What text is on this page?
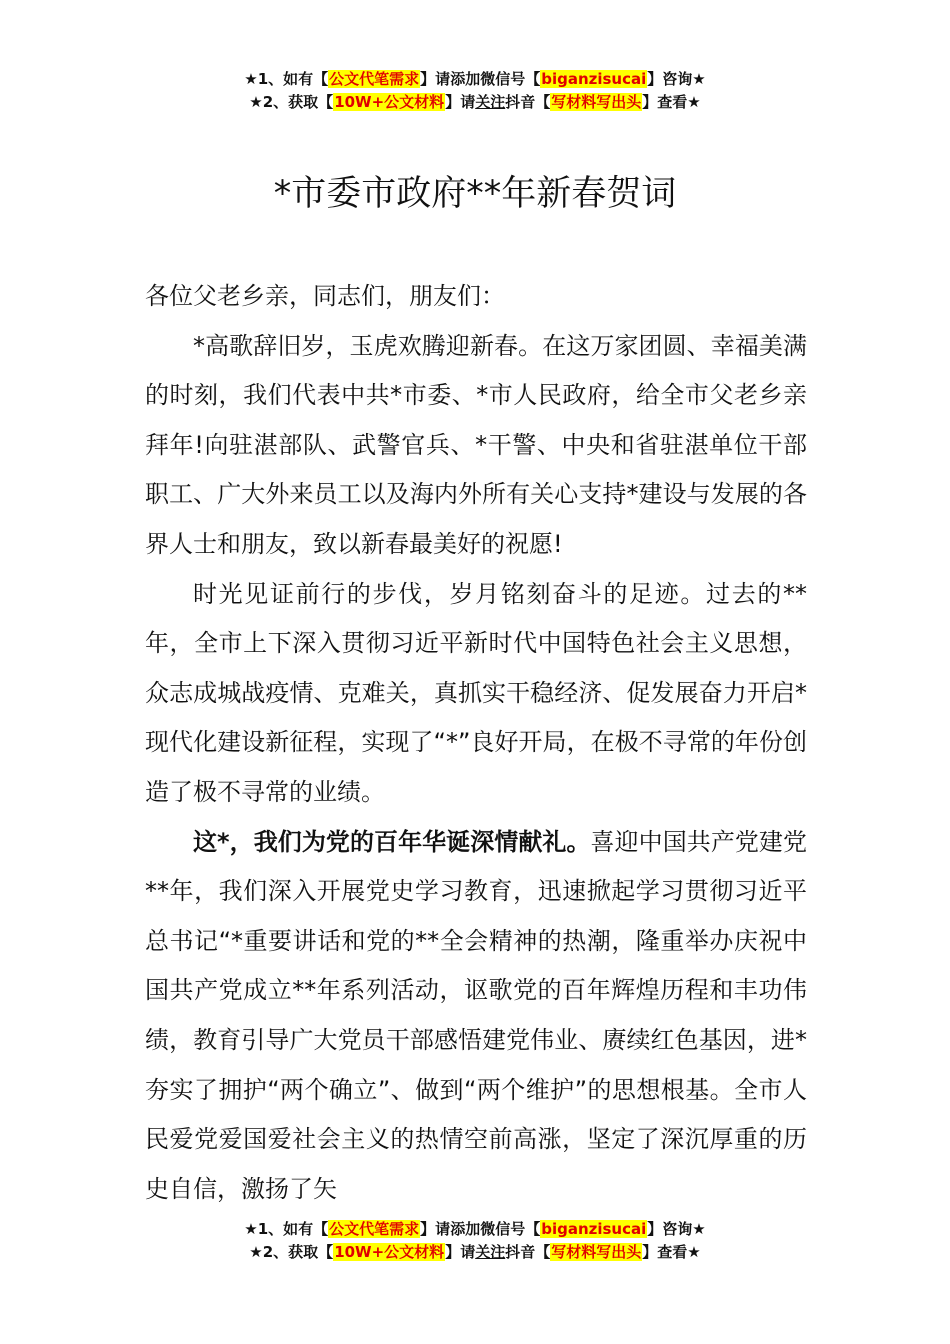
★1、如有【公文代笔需求】请添加微信号【biganzisucai】咨询★
★2、获取【10W+公文材料】请关注抖音【写材料写出头】查看★
*市委市政府**年新春贺词

各位父老乡亲，同志们，朋友们：

*高歌辞旧岁，玉虎欢腾迎新春。在这万家团圆、幸福美满的时刻，我们代表中共*市委、*市人民政府，给全市父老乡亲拜年!向驻湛部队、武警官兵、*干警、中央和省驻湛单位干部职工、广大外来员工以及海内外所有关心支持*建设与发展的各界人士和朋友，致以新春最美好的祝愿!

时光见证前行的步伐，岁月铭刻奋斗的足迹。过去的**年，全市上下深入贯彻习近平新时代中国特色社会主义思想，众志成城战疫情、克难关，真抓实干稳经济、促发展奋力开启*现代化建设新征程，实现了“*”良好开局，在极不寻常的年份创造了极不寻常的业绩。

这*，我们为党的百年华诞深情献礼。喜迎中国共产党建党**年，我们深入开展党史学习教育，迅速掀起学习贯彻习近平总书记“*重要讲话和党的**全会精神的热潮，隆重举办庆祝中国共产党成立**年系列活动，讴歌党的百年辉煌历程和丰功伟绩，教育引导广大党员干部感悟建党伟业、赓续红色基因，进*夯实了拥护“两个确立”、做到“两个维护”的思想根基。全市人民爱党爱国爱社会主义的热情空前高涨，坚定了深沉厚重的历史自信，激扬了矢

★1、如有【公文代笔需求】请添加微信号【biganzisucai】咨询★
★2、获取【10W+公文材料】请关注抖音【写材料写出头】查看★
